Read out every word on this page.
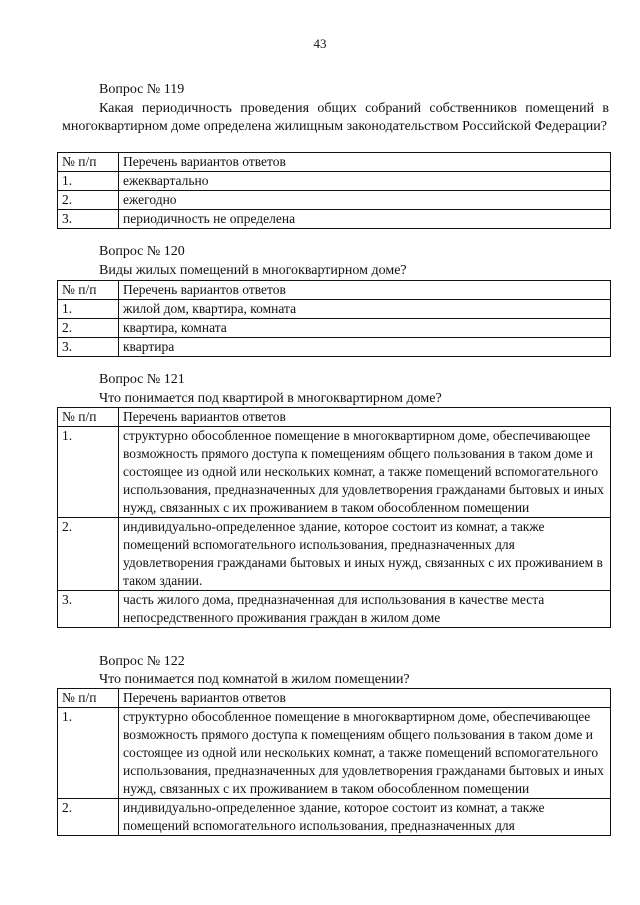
43
Вопрос № 119
Какая периодичность проведения общих собраний собственников помещений в многоквартирном доме определена жилищным законодательством Российской Федерации?
№ п/п	Перечень вариантов ответов
1.	ежеквартально
2.	ежегодно
3.	периодичность не определена
Вопрос № 120
Виды жилых помещений в многоквартирном доме?
№ п/п	Перечень вариантов ответов
1.	жилой дом, квартира, комната
2.	квартира, комната
3.	квартира
Вопрос № 121
Что понимается под квартирой в многоквартирном доме?
№ п/п	Перечень вариантов ответов
1.	структурно обособленное помещение в многоквартирном доме, обеспечивающее возможность прямого доступа к помещениям общего пользования в таком доме и состоящее из одной или нескольких комнат, а также помещений вспомогательного использования, предназначенных для удовлетворения гражданами бытовых и иных нужд, связанных с их проживанием в таком обособленном помещении
2.	индивидуально-определенное здание, которое состоит из комнат, а также помещений вспомогательного использования, предназначенных для удовлетворения гражданами бытовых и иных нужд, связанных с их проживанием в таком здании.
3.	часть жилого дома, предназначенная для использования в качестве места непосредственного проживания граждан в жилом доме
Вопрос № 122
Что понимается под комнатой в жилом помещении?
№ п/п	Перечень вариантов ответов
1.	структурно обособленное помещение в многоквартирном доме, обеспечивающее возможность прямого доступа к помещениям общего пользования в таком доме и состоящее из одной или нескольких комнат, а также помещений вспомогательного использования, предназначенных для удовлетворения гражданами бытовых и иных нужд, связанных с их проживанием в таком обособленном помещении
2.	индивидуально-определенное здание, которое состоит из комнат, а также помещений вспомогательного использования, предназначенных для
